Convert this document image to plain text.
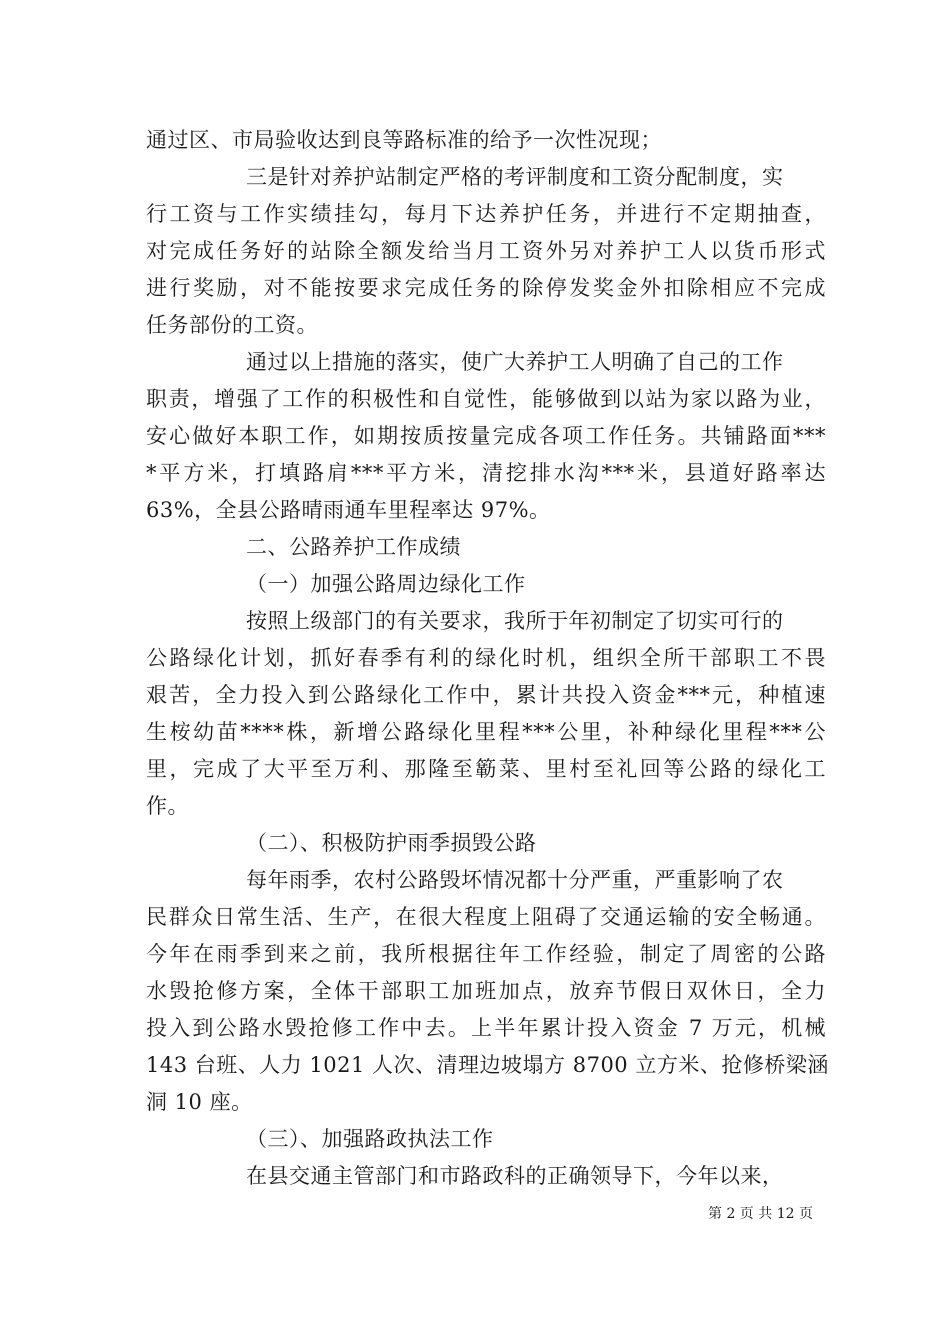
通过区、市局验收达到良等路标准的给予一次性况现；
三是针对养护站制定严格的考评制度和工资分配制度，实
行工资与工作实绩挂勾，每月下达养护任务，并进行不定期抽查，
对完成任务好的站除全额发给当月工资外另对养护工人以货币形式
进行奖励，对不能按要求完成任务的除停发奖金外扣除相应不完成
任务部份的工资。
通过以上措施的落实，使广大养护工人明确了自己的工作
职责，增强了工作的积极性和自觉性，能够做到以站为家以路为业，
安心做好本职工作，如期按质按量完成各项工作任务。共铺路面***
*平方米，打填路肩***平方米，清挖排水沟***米，县道好路率达
63%，全县公路晴雨通车里程率达 97%。
二、公路养护工作成绩
（一）加强公路周边绿化工作
按照上级部门的有关要求，我所于年初制定了切实可行的
公路绿化计划，抓好春季有利的绿化时机，组织全所干部职工不畏
艰苦，全力投入到公路绿化工作中，累计共投入资金***元，种植速
生桉幼苗****株，新增公路绿化里程***公里，补种绿化里程***公
里，完成了大平至万利、那隆至簕菜、里村至礼回等公路的绿化工
作。
（二）、积极防护雨季损毁公路
每年雨季，农村公路毁坏情况都十分严重，严重影响了农
民群众日常生活、生产，在很大程度上阻碍了交通运输的安全畅通。
今年在雨季到来之前，我所根据往年工作经验，制定了周密的公路
水毁抢修方案，全体干部职工加班加点，放弃节假日双休日，全力
投入到公路水毁抢修工作中去。上半年累计投入资金 7 万元，机械
143 台班、人力 1021 人次、清理边坡塌方 8700 立方米、抢修桥梁涵
洞 10 座。
（三）、加强路政执法工作
在县交通主管部门和市路政科的正确领导下，今年以来，
第 2 页 共 12 页
